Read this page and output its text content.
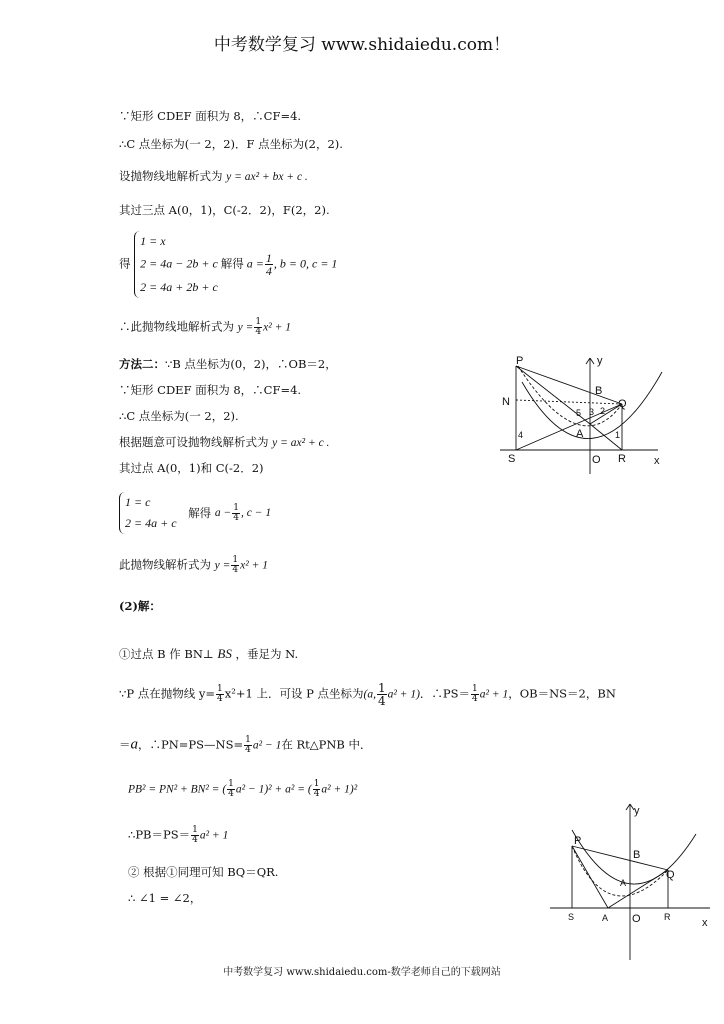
中考数学复习 www.shidaiedu.com！
∵矩形 CDEF 面积为 8，∴CF=4.
∴C 点坐标为(一 2，2)．F 点坐标为(2，2).
设抛物线地解析式为 y = ax² + bx + c .
其过三点 A(0，1)，C(-2．2)，F(2，2).
得
1 = x
2 = 4a − 2b + c 解得 $a = \frac{1}{4}$ , b = 0, c = 1
2 = 4a + 2b + c
∴此抛物线地解析式为 $y = \frac{1}{4} x^2 + 1$
方法二：∵B 点坐标为(0，2)，∴OB＝2，
∵矩形 CDEF 面积为 8，∴CF=4.
∴C 点坐标为(一 2，2).
根据题意可设抛物线解析式为 y = ax² + c .
其过点 A(0，1)和 C(-2．2)
1 = c
2 = 4a + c
解得 $a - \frac{1}{4}$ , c − 1
此抛物线解析式为 $y = \frac{1}{4} x^2 + 1$
(2)解：
①过点 B 作 BN⊥ BS ，垂足为 N.
∵P 点在抛物线 $y= \frac{1}{4} x^2+1$ 上．可设 P 点坐标为(a, $\frac{1}{4} a^2 + 1$)．∴PS＝ $\frac{1}{4} a^2 + 1$，OB＝NS＝2，BN
＝a，∴PN=PS—NS= $\frac{1}{4} a^2 - 1$在 Rt△PNB 中．
PB² = PN² + BN² = ( $\frac{1}{4} a^2 - 1)^2 + a^2$ = ( $\frac{1}{4} a^2 + 1)^2$
∴PB＝PS＝ $\frac{1}{4} a^2 + 1$
② 根据①同理可知 BQ＝QR.
∴ ∠1 = ∠2，
P	y
B
N	Q
5 3 2
A
4	1
S	O R	x
y
P
B
A
Q
S	A O	R	x
中考数学复习 www.shidaiedu.com-数学老师自己的下载网站
